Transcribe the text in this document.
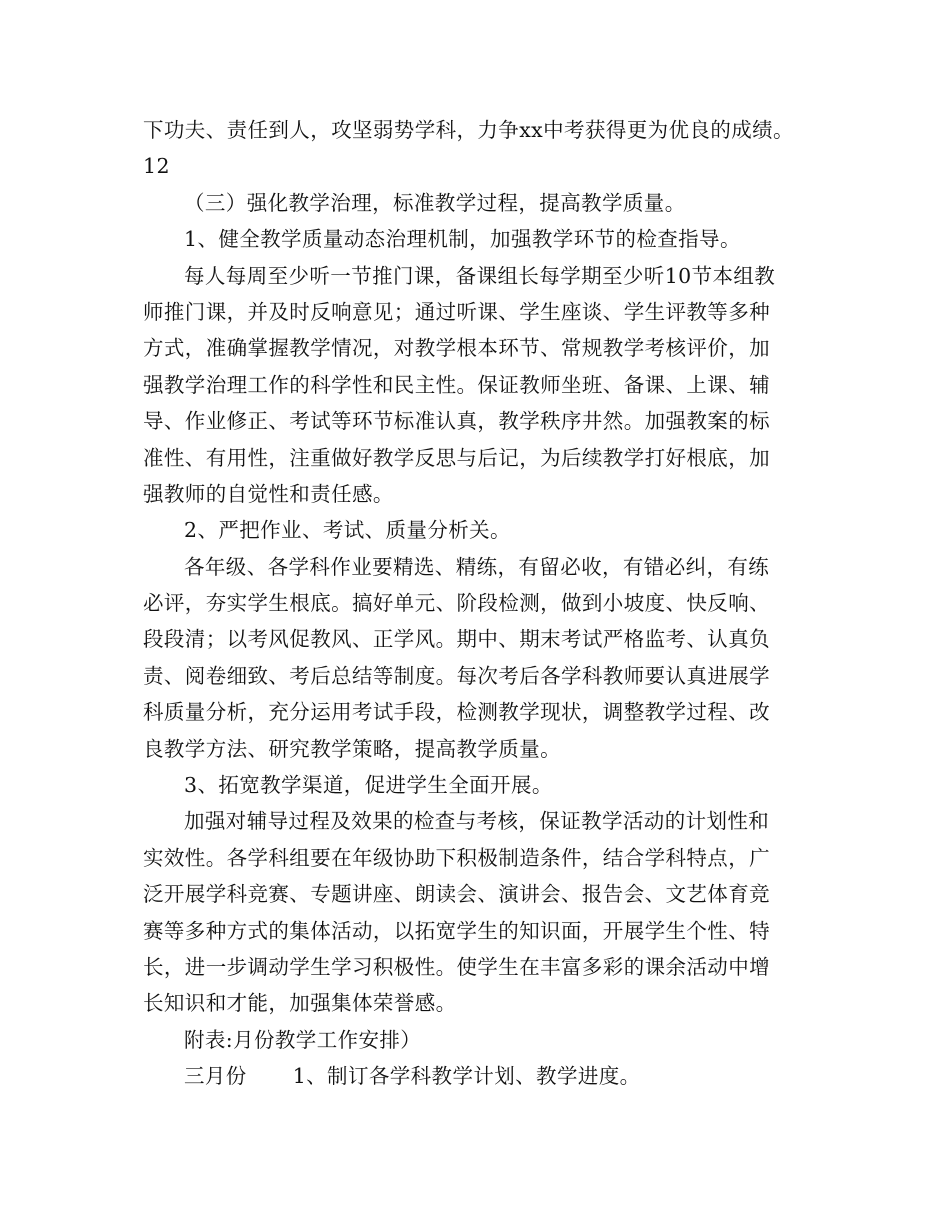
下功夫、责任到人，攻坚弱势学科，力争xx中考获得更为优良的成绩。
12
（三）强化教学治理，标准教学过程，提高教学质量。
1、健全教学质量动态治理机制，加强教学环节的检查指导。
每人每周至少听一节推门课，备课组长每学期至少听10节本组教
师推门课，并及时反响意见；通过听课、学生座谈、学生评教等多种
方式，准确掌握教学情况，对教学根本环节、常规教学考核评价，加
强教学治理工作的科学性和民主性。保证教师坐班、备课、上课、辅
导、作业修正、考试等环节标准认真，教学秩序井然。加强教案的标
准性、有用性，注重做好教学反思与后记，为后续教学打好根底，加
强教师的自觉性和责任感。
2、严把作业、考试、质量分析关。
各年级、各学科作业要精选、精练，有留必收，有错必纠，有练
必评，夯实学生根底。搞好单元、阶段检测，做到小坡度、快反响、
段段清；以考风促教风、正学风。期中、期末考试严格监考、认真负
责、阅卷细致、考后总结等制度。每次考后各学科教师要认真进展学
科质量分析，充分运用考试手段，检测教学现状，调整教学过程、改
良教学方法、研究教学策略，提高教学质量。
3、拓宽教学渠道，促进学生全面开展。
加强对辅导过程及效果的检查与考核，保证教学活动的计划性和
实效性。各学科组要在年级协助下积极制造条件，结合学科特点，广
泛开展学科竞赛、专题讲座、朗读会、演讲会、报告会、文艺体育竞
赛等多种方式的集体活动，以拓宽学生的知识面，开展学生个性、特
长，进一步调动学生学习积极性。使学生在丰富多彩的课余活动中增
长知识和才能，加强集体荣誉感。
附表:月份教学工作安排）
三月份 1、制订各学科教学计划、教学进度。
